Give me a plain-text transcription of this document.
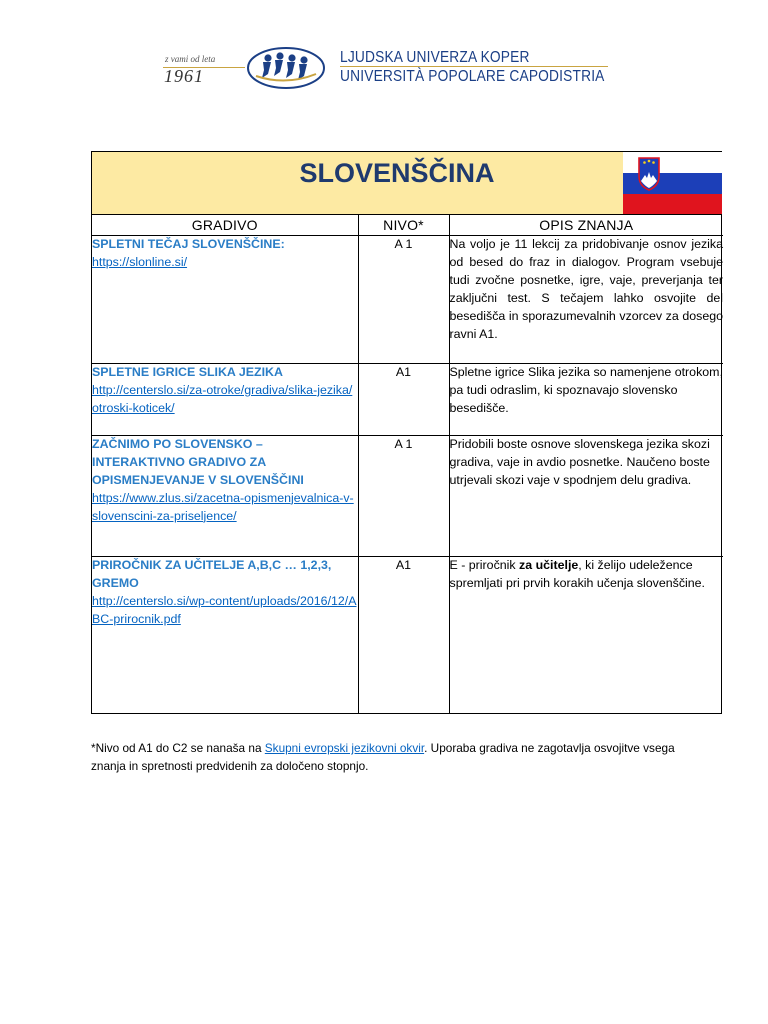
z vami od leta
1961
LJUDSKA UNIVERZA KOPER
UNIVERSITÀ POPOLARE CAPODISTRIA
SLOVENŠČINA
GRADIVO	NIVO*	OPIS ZNANJA

SPLETNI TEČAJ SLOVENŠČINE:
https://slonline.si/	A 1	Na voljo je 11 lekcij za pridobivanje osnov jezika od besed do fraz in dialogov. Program vsebuje tudi zvočne posnetke, igre, vaje, preverjanja ter zaključni test. S tečajem lahko osvojite del besedišča in sporazumevalnih vzorcev za dosego ravni A1.

SPLETNE IGRICE SLIKA JEZIKA
http://centerslo.si/za-otroke/gradiva/slika-jezika/otroski-koticek/	A1	Spletne igrice Slika jezika so namenjene otrokom, pa tudi odraslim, ki spoznavajo slovensko besedišče.

ZAČNIMO PO SLOVENSKO – INTERAKTIVNO GRADIVO ZA OPISMENJEVANJE V SLOVENŠČINI
https://www.zlus.si/zacetna-opismenjevalnica-v-slovenscini-za-priseljence/	A 1	Pridobili boste osnove slovenskega jezika skozi gradiva, vaje in avdio posnetke. Naučeno boste utrjevali skozi vaje v spodnjem delu gradiva.

PRIROČNIK ZA UČITELJE A,B,C … 1,2,3, GREMO
http://centerslo.si/wp-content/uploads/2016/12/ABC-prirocnik.pdf	A1	E - priročnik za učitelje, ki želijo udeležence spremljati pri prvih korakih učenja slovenščine.
*Nivo od A1 do C2 se nanaša na Skupni evropski jezikovni okvir. Uporaba gradiva ne zagotavlja osvojitve vsega znanja in spretnosti predvidenih za določeno stopnjo.
